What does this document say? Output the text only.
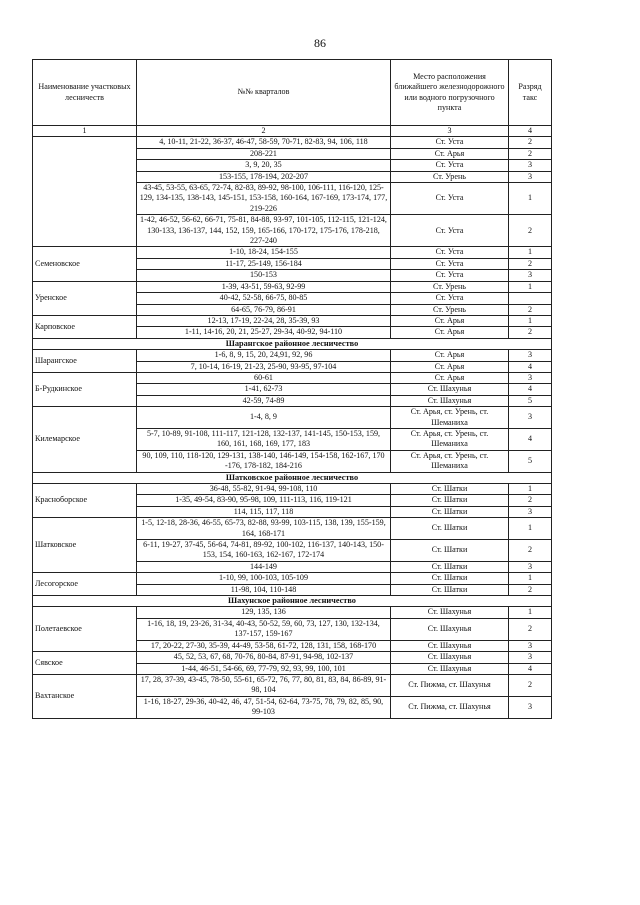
86
Наименование участковых лесничеств	№№ кварталов	Место расположения ближайшего железнодорожного или водного погрузочного пункта	Разряд такс
1	2	3	4
	4, 10-11, 21-22, 36-37, 46-47, 58-59, 70-71, 82-83, 94, 106, 118	Ст. Уста	2
	208-221	Ст. Арья	2
	3, 9, 20, 35	Ст. Уста	3
	153-155, 178-194, 202-207	Ст. Урень	3
	43-45, 53-55, 63-65, 72-74, 82-83, 89-92, 98-100, 106-111, 116-120, 125-129, 134-135, 138-143, 145-151, 153-158, 160-164, 167-169, 173-174, 177, 219-226	Ст. Уста	1
	1-42, 46-52, 56-62, 66-71, 75-81, 84-88, 93-97, 101-105, 112-115, 121-124, 130-133, 136-137, 144, 152, 159, 165-166, 170-172, 175-176, 178-218, 227-240	Ст. Уста	2
Семеновское	1-10, 18-24, 154-155	Ст. Уста	1
	11-17, 25-149, 156-184	Ст. Уста	2
	150-153	Ст. Уста	3
Уренское	1-39, 43-51, 59-63, 92-99	Ст. Урень	1
	40-42, 52-58, 66-75, 80-85	Ст. Уста	
	64-65, 76-79, 86-91	Ст. Урень	2
Карповское	12-13, 17-19, 22-24, 28, 35-39, 93	Ст. Арья	1
	1-11, 14-16, 20, 21, 25-27, 29-34, 40-92, 94-110	Ст. Арья	2
Шарангское районное лесничество			
Шарангское	1-6, 8, 9, 15, 20, 24,91, 92, 96	Ст. Арья	3
	7, 10-14, 16-19, 21-23, 25-90, 93-95, 97-104	Ст. Арья	4
Б-Рудкинское	60-61	Ст. Арья	3
	1-41, 62-73	Ст. Шахунья	4
	42-59, 74-89	Ст. Шахунья	5
Килемарское	1-4, 8, 9	Ст. Арья, ст. Урень, ст. Шеманиха	3
	5-7, 10-89, 91-108, 111-117, 121-128, 132-137, 141-145, 150-153, 159, 160, 161, 168, 169, 177, 183	Ст. Арья, ст. Урень, ст. Шеманиха	4
	90, 109, 110, 118-120, 129-131, 138-140, 146-149, 154-158, 162-167, 170 -176, 178-182, 184-216	Ст. Арья, ст. Урень, ст. Шеманиха	5
Шатковское районное лесничество			
Красноборское	36-48, 55-82, 91-94, 99-108, 110	Ст. Шатки	1
	1-35, 49-54, 83-90, 95-98, 109, 111-113, 116, 119-121	Ст. Шатки	2
	114, 115, 117, 118	Ст. Шатки	3
Шатковское	1-5, 12-18, 28-36, 46-55, 65-73, 82-88, 93-99, 103-115, 138, 139, 155-159, 164, 168-171	Ст. Шатки	1
	6-11, 19-27, 37-45, 56-64, 74-81, 89-92, 100-102, 116-137, 140-143, 150-153, 154, 160-163, 162-167, 172-174	Ст. Шатки	2
	144-149	Ст. Шатки	3
Лесогорское	1-10, 99, 100-103, 105-109	Ст. Шатки	1
	11-98, 104, 110-148	Ст. Шатки	2
Шахунское районное лесничество			
Полетаевское	129, 135, 136	Ст. Шахунья	1
	1-16, 18, 19, 23-26, 31-34, 40-43, 50-52, 59, 60, 73, 127, 130, 132-134, 137-157, 159-167	Ст. Шахунья	2
	17, 20-22, 27-30, 35-39, 44-49, 53-58, 61-72, 128, 131, 158, 168-170	Ст. Шахунья	3
Сявское	45, 52, 53, 67, 68, 70-76, 80-84, 87-91, 94-98, 102-137	Ст. Шахунья	3
	1-44, 46-51, 54-66, 69, 77-79, 92, 93, 99, 100, 101	Ст. Шахунья	4
Вахтанское	17, 28, 37-39, 43-45, 78-50, 55-61, 65-72, 76, 77, 80, 81, 83, 84, 86-89, 91-98, 104	Ст. Пижма, ст. Шахунья	2
	1-16, 18-27, 29-36, 40-42, 46, 47, 51-54, 62-64, 73-75, 78, 79, 82, 85, 90, 99-103	Ст. Пижма, ст. Шахунья	3
